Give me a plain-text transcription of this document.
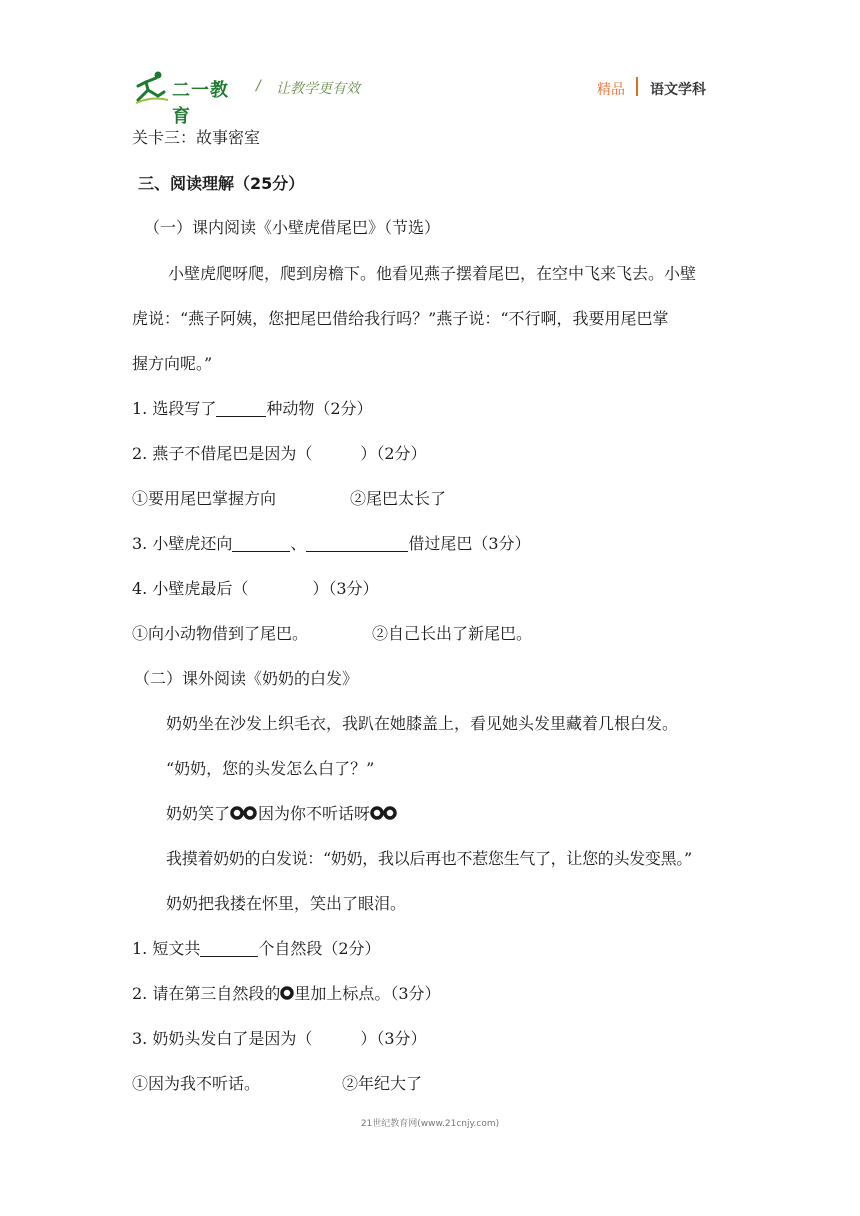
二一教育
/ 让教学更有效	精品 语文学科
关卡三：故事密室
三、阅读理解（25分）
（一）课内阅读《小壁虎借尾巴》（节选）
小壁虎爬呀爬，爬到房檐下。他看见燕子摆着尾巴，在空中飞来飞去。小壁
虎说：“燕子阿姨，您把尾巴借给我行吗？”燕子说：“不行啊，我要用尾巴掌
握方向呢。”
1. 选段写了	种动物（2分）
2. 燕子不借尾巴是因为（　　　）（2分）
①要用尾巴掌握方向	②尾巴太长了
3. 小壁虎还向	、	借过尾巴（3分）
4. 小壁虎最后（　　　　）（3分）
①向小动物借到了尾巴。	②自己长出了新尾巴。
（二）课外阅读《奶奶的白发》
奶奶坐在沙发上织毛衣，我趴在她膝盖上，看见她头发里藏着几根白发。
“奶奶，您的头发怎么白了？”
奶奶笑了 因为你不听话呀
我摸着奶奶的白发说：“奶奶，我以后再也不惹您生气了，让您的头发变黑。”
奶奶把我搂在怀里，笑出了眼泪。
1. 短文共	个自然段（2分）
2. 请在第三自然段的 里加上标点。（3分）
3. 奶奶头发白了是因为（　　　）（3分）
①因为我不听话。	②年纪大了
21世纪教育网(www.21cnjy.com)
